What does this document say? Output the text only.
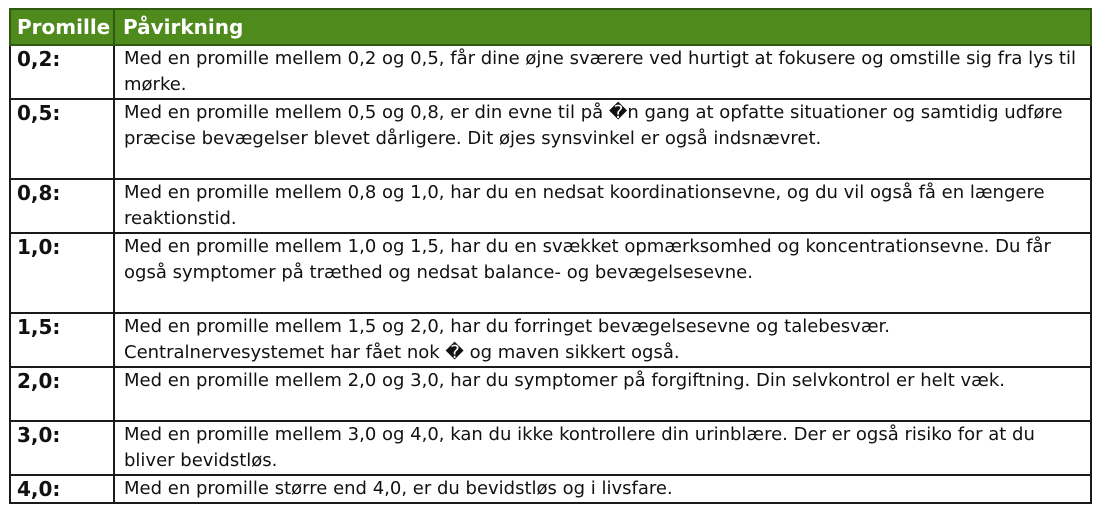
Promille	Påvirkning
0,2:	Med en promille mellem 0,2 og 0,5, får dine øjne sværere ved hurtigt at fokusere og omstille sig fra lys til mørke.
0,5:	Med en promille mellem 0,5 og 0,8, er din evne til på �n gang at opfatte situationer og samtidig udføre præcise bevægelser blevet dårligere. Dit øjes synsvinkel er også indsnævret.
0,8:	Med en promille mellem 0,8 og 1,0, har du en nedsat koordinationsevne, og du vil også få en længere reaktionstid.
1,0:	Med en promille mellem 1,0 og 1,5, har du en svækket opmærksomhed og koncentrationsevne. Du får også symptomer på træthed og nedsat balance- og bevægelsesevne.
1,5:	Med en promille mellem 1,5 og 2,0, har du forringet bevægelsesevne og talebesvær. Centralnervesystemet har fået nok � og maven sikkert også.
2,0:	Med en promille mellem 2,0 og 3,0, har du symptomer på forgiftning. Din selvkontrol er helt væk.
3,0:	Med en promille mellem 3,0 og 4,0, kan du ikke kontrollere din urinblære. Der er også risiko for at du bliver bevidstløs.
4,0:	Med en promille større end 4,0, er du bevidstløs og i livsfare.
